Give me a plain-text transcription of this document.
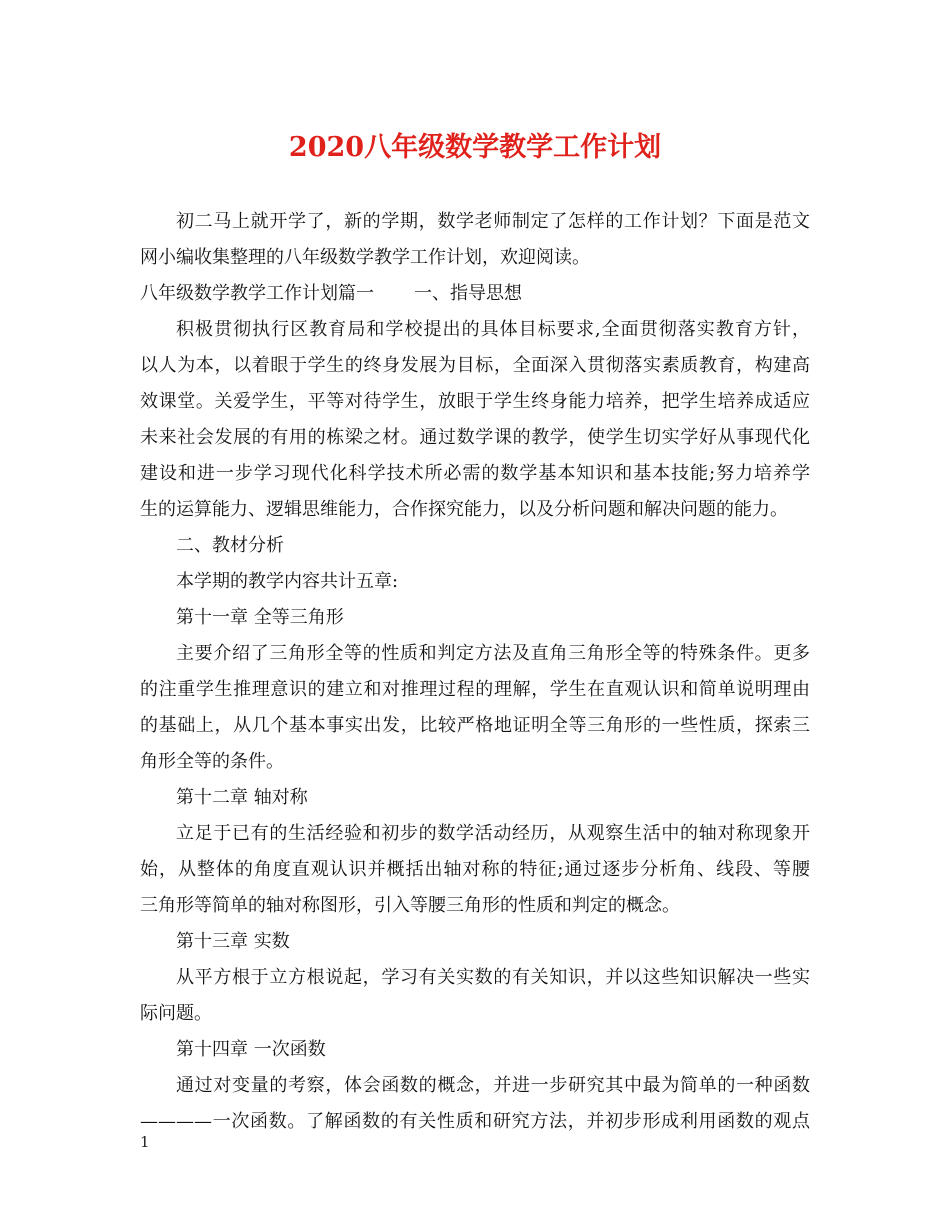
2020八年级数学教学工作计划
初二马上就开学了，新的学期，数学老师制定了怎样的工作计划？下面是范文
网小编收集整理的八年级数学教学工作计划，欢迎阅读。
八年级数学教学工作计划篇一 一、指导思想
积极贯彻执行区教育局和学校提出的具体目标要求,全面贯彻落实教育方针，
以人为本，以着眼于学生的终身发展为目标，全面深入贯彻落实素质教育，构建高
效课堂。关爱学生，平等对待学生，放眼于学生终身能力培养，把学生培养成适应
未来社会发展的有用的栋梁之材。通过数学课的教学，使学生切实学好从事现代化
建设和进一步学习现代化科学技术所必需的数学基本知识和基本技能;努力培养学
生的运算能力、逻辑思维能力，合作探究能力，以及分析问题和解决问题的能力。
二、教材分析
本学期的教学内容共计五章:
第十一章 全等三角形
主要介绍了三角形全等的性质和判定方法及直角三角形全等的特殊条件。更多
的注重学生推理意识的建立和对推理过程的理解，学生在直观认识和简单说明理由
的基础上，从几个基本事实出发，比较严格地证明全等三角形的一些性质，探索三
角形全等的条件。
第十二章 轴对称
立足于已有的生活经验和初步的数学活动经历，从观察生活中的轴对称现象开
始，从整体的角度直观认识并概括出轴对称的特征;通过逐步分析角、线段、等腰
三角形等简单的轴对称图形，引入等腰三角形的性质和判定的概念。
第十三章 实数
从平方根于立方根说起，学习有关实数的有关知识，并以这些知识解决一些实
际问题。
第十四章 一次函数
通过对变量的考察，体会函数的概念，并进一步研究其中最为简单的一种函数
————一次函数。了解函数的有关性质和研究方法，并初步形成利用函数的观点
1
